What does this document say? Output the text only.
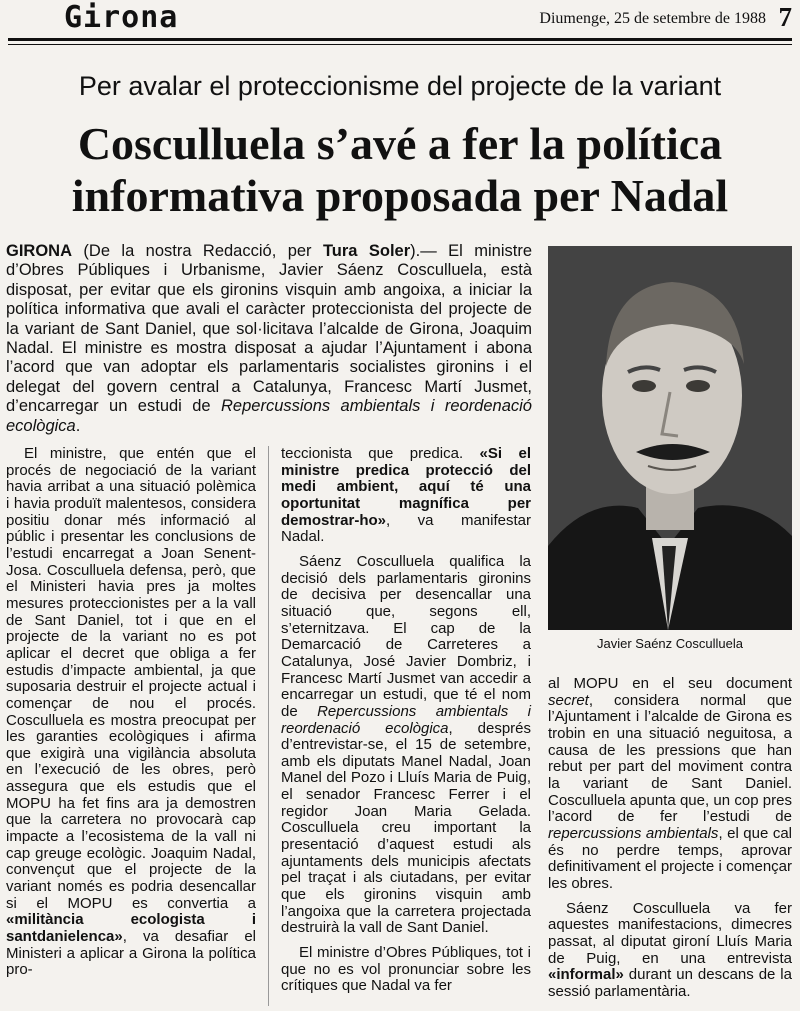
Girona	Diumenge, 25 de setembre de 1988 7
Per avalar el proteccionisme del projecte de la variant
Cosculluela s’avé a fer la política
informativa proposada per Nadal
GIRONA (De la nostra Redacció, per Tura Soler).— El ministre d’Obres Públiques i Urbanisme, Javier Sáenz Cosculluela, està disposat, per evitar que els gironins visquin amb angoixa, a iniciar la política informativa que avali el caràcter proteccionista del projecte de la variant de Sant Daniel, que sol·licitava l’alcalde de Girona, Joaquim Nadal. El ministre es mostra disposat a ajudar l’Ajuntament i abona l’acord que van adoptar els parlamentaris socialistes gironins i el delegat del govern central a Catalunya, Francesc Martí Jusmet, d’encarregar un estudi de Repercussions ambientals i reordenació ecològica.

El ministre, que entén que el procés de negociació de la variant havia arribat a una situació polèmica i havia produït malentesos, considera positiu donar més informació al públic i presentar les conclusions de l’estudi encarregat a Joan Senent-Josa. Cosculluela defensa, però, que el Ministeri havia pres ja moltes mesures proteccionistes per a la vall de Sant Daniel, tot i que en el projecte de la variant no es pot aplicar el decret que obliga a fer estudis d’impacte ambiental, ja que suposaria destruir el projecte actual i començar de nou el procés. Cosculluela es mostra preocupat per les garanties ecològiques i afirma que exigirà una vigilància absoluta en l’execució de les obres, però assegura que els estudis que el MOPU ha fet fins ara ja demostren que la carretera no provocarà cap impacte a l’ecosistema de la vall ni cap greuge ecològic. Joaquim Nadal, convençut que el projecte de la variant només es podria desencallar si el MOPU es convertia a «militància ecologista i santdanielenca», va desafiar el Ministeri a aplicar a Girona la política pro-

teccionista que predica. «Si el ministre predica protecció del medi ambient, aquí té una oportunitat magnífica per demostrar-ho», va manifestar Nadal.

Sáenz Cosculluela qualifica la decisió dels parlamentaris gironins de decisiva per desencallar una situació que, segons ell, s’eternitzava. El cap de la Demarcació de Carreteres a Catalunya, José Javier Dombriz, i Francesc Martí Jusmet van accedir a encarregar un estudi, que té el nom de Repercussions ambientals i reordenació ecològica, després d’entrevistar-se, el 15 de setembre, amb els diputats Manel Nadal, Joan Manel del Pozo i Lluís Maria de Puig, el senador Francesc Ferrer i el regidor Joan Maria Gelada. Cosculluela creu important la presentació d’aquest estudi als ajuntaments dels municipis afectats pel traçat i als ciutadans, per evitar que els gironins visquin amb l’angoixa que la carretera projectada destruirà la vall de Sant Daniel.

El ministre d’Obres Públiques, tot i que no es vol pronunciar sobre les crítiques que Nadal va fer

Javier Saénz Cosculluela

al MOPU en el seu document secret, considera normal que l’Ajuntament i l’alcalde de Girona es trobin en una situació neguitosa, a causa de les pressions que han rebut per part del moviment contra la variant de Sant Daniel. Cosculluela apunta que, un cop pres l’acord de fer l’estudi de repercussions ambientals, el que cal és no perdre temps, aprovar definitivament el projecte i començar les obres.

Sáenz Cosculluela va fer aquestes manifestacions, dimecres passat, al diputat gironí Lluís Maria de Puig, en una entrevista «informal» durant un descans de la sessió parlamentària.
